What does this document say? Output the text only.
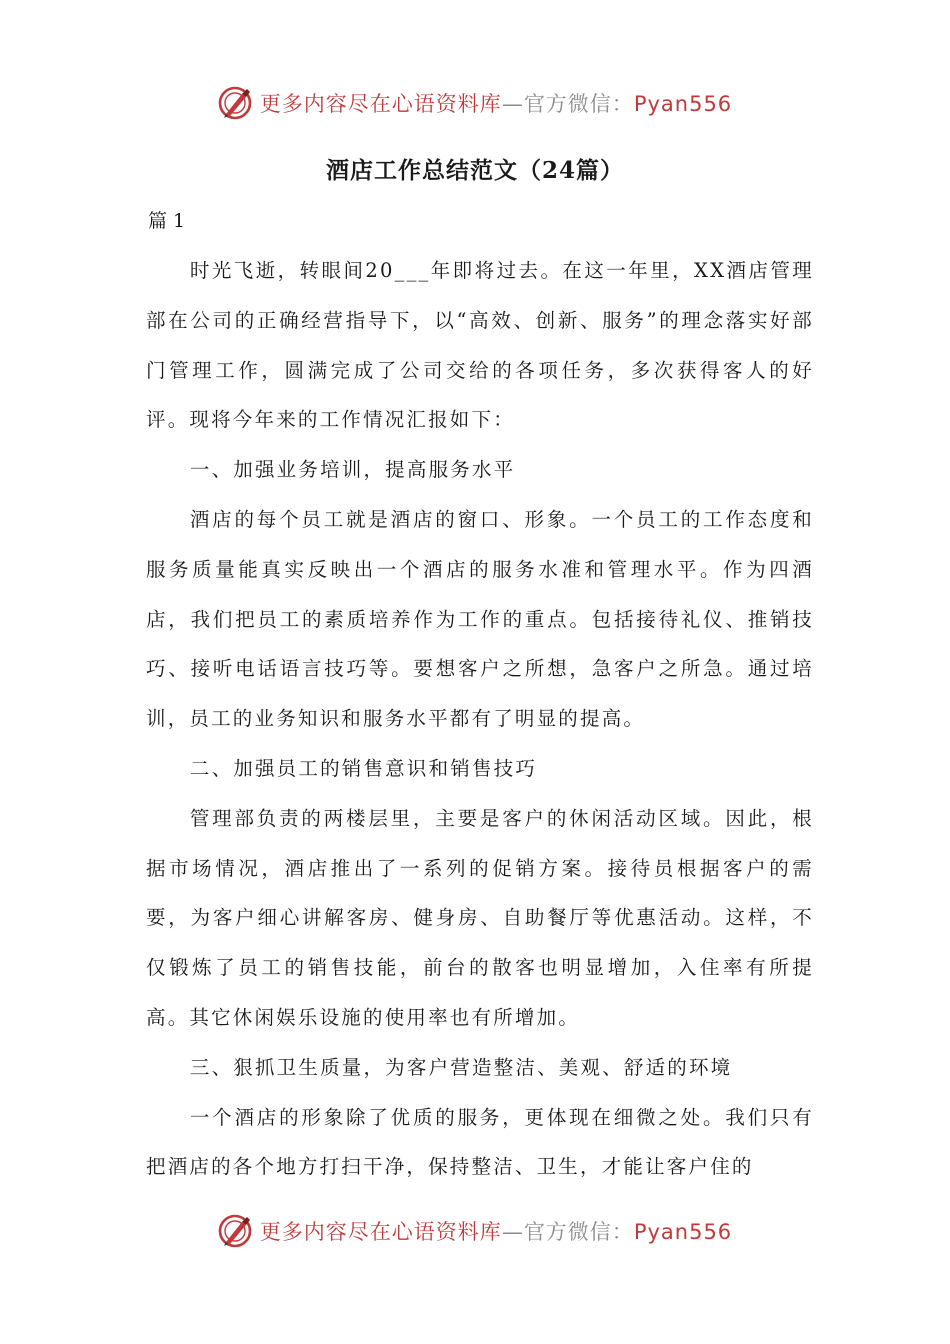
更多内容尽在心语资料库—官方微信：Pyan556
酒店工作总结范文（24篇）
篇 1

时光飞逝，转眼间20___年即将过去。在这一年里，XX酒店管理部在公司的正确经营指导下，以“高效、创新、服务”的理念落实好部门管理工作，圆满完成了公司交给的各项任务，多次获得客人的好评。现将今年来的工作情况汇报如下：

一、加强业务培训，提高服务水平

酒店的每个员工就是酒店的窗口、形象。一个员工的工作态度和服务质量能真实反映出一个酒店的服务水准和管理水平。作为四酒店，我们把员工的素质培养作为工作的重点。包括接待礼仪、推销技巧、接听电话语言技巧等。要想客户之所想，急客户之所急。通过培训，员工的业务知识和服务水平都有了明显的提高。

二、加强员工的销售意识和销售技巧

管理部负责的两楼层里，主要是客户的休闲活动区域。因此，根据市场情况，酒店推出了一系列的促销方案。接待员根据客户的需要，为客户细心讲解客房、健身房、自助餐厅等优惠活动。这样，不仅锻炼了员工的销售技能，前台的散客也明显增加，入住率有所提高。其它休闲娱乐设施的使用率也有所增加。

三、狠抓卫生质量，为客户营造整洁、美观、舒适的环境

一个酒店的形象除了优质的服务，更体现在细微之处。我们只有把酒店的各个地方打扫干净，保持整洁、卫生，才能让客户住的

更多内容尽在心语资料库—官方微信：Pyan556
